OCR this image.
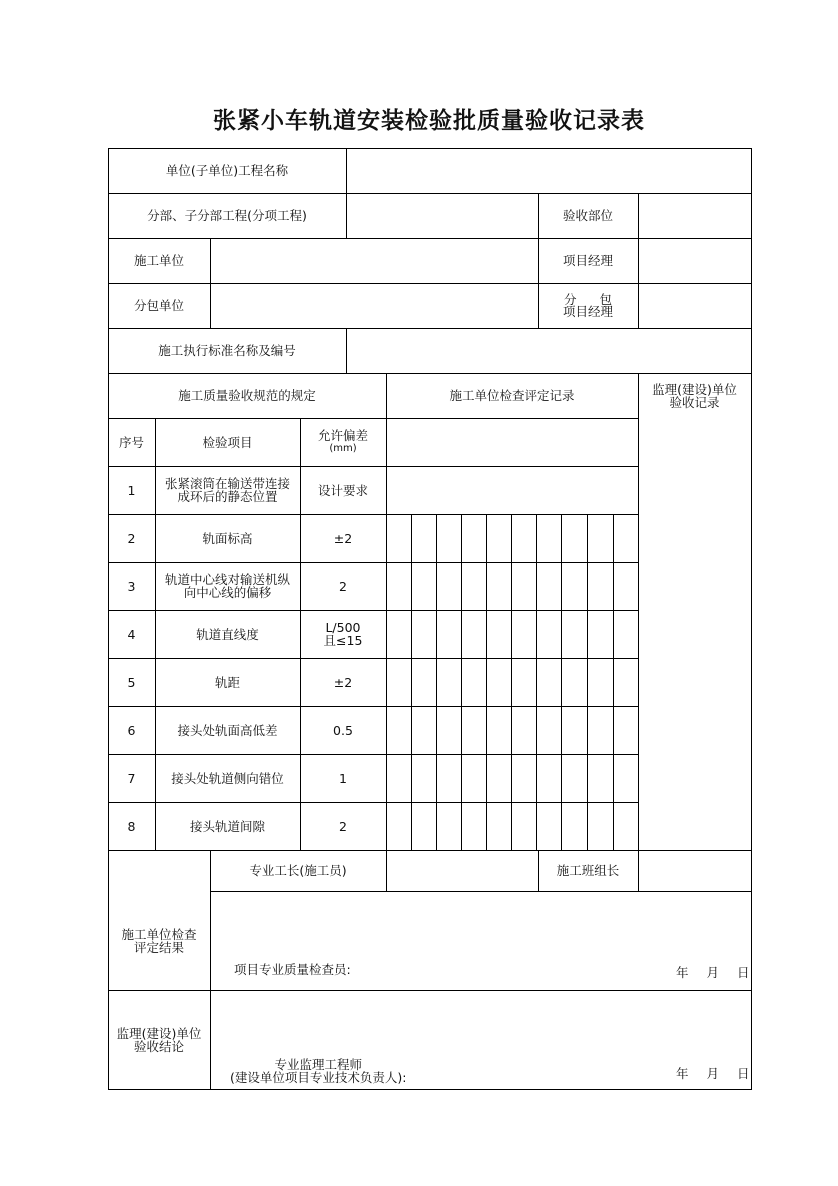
张紧小车轨道安装检验批质量验收记录表
单位(子单位)工程名称
分部、子分部工程(分项工程)	验收部位
施工单位	项目经理
分包单位	分 包
项目经理
施工执行标准名称及编号
施工质量验收规范的规定	施工单位检查评定记录	监理(建设)单位
验收记录
序号	检验项目	允许偏差
(mm)
1	张紧滚筒在输送带连接
成环后的静态位置	设计要求
2	轨面标高	±2
3	轨道中心线对输送机纵
向中心线的偏移	2
4	轨道直线度	L/500
且≤15
5	轨距	±2
6	接头处轨面高低差	0.5
7	接头处轨道侧向错位	1
8	接头轨道间隙	2
专业工长(施工员)	施工班组长
施工单位检查
评定结果
项目专业质量检查员:	年 月 日
监理(建设)单位
验收结论
专业监理工程师
(建设单位项目专业技术负责人):	年 月 日
